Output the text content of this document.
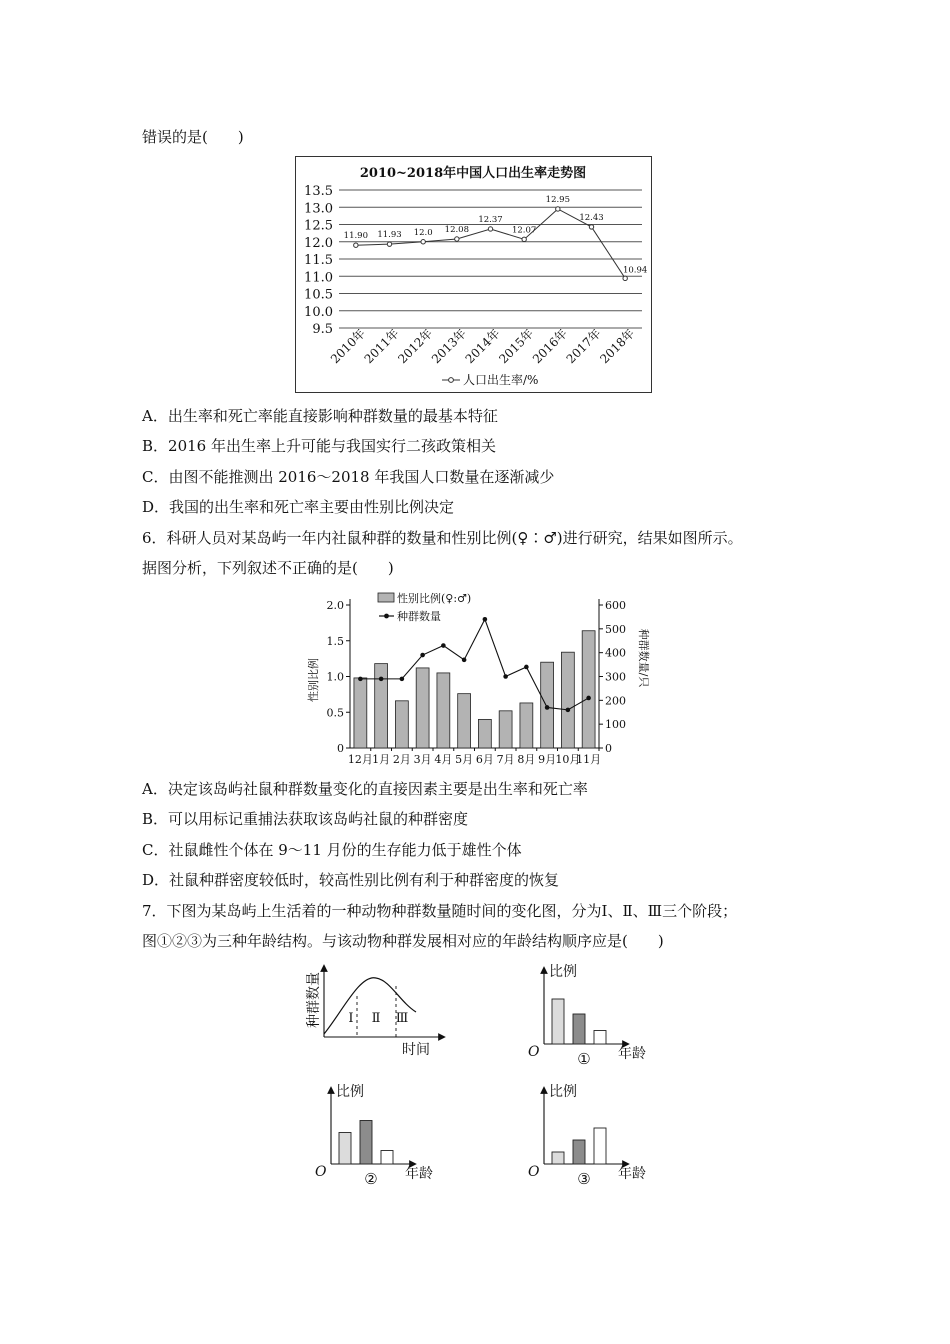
错误的是(　　)
2010~2018年中国人口出生率走势图
13.5
13.0
12.5
12.0
11.5
11.0
10.5
10.0
9.5
11.90 11.93 12.0 12.08
12.37
12.07
12.95
12.43
10.94
2010年
2011年
2012年
2013年
2014年
2015年
2016年
2017年
2018年
人口出生率/%
A．出生率和死亡率能直接影响种群数量的最基本特征
B．2016 年出生率上升可能与我国实行二孩政策相关
C．由图不能推测出 2016～2018 年我国人口数量在逐渐减少
D．我国的出生率和死亡率主要由性别比例决定
6．科研人员对某岛屿一年内社鼠种群的数量和性别比例(♀∶♂)进行研究，结果如图所示。
据图分析，下列叙述不正确的是(　　)
12月 1月 2月 3月 4月 5月 6月 7月 8月 9月 10月
11月
0
0.5
1.0
1.5
2.0
0
100
200
300
400
500
600
性别比例(♀:♂)
种群数量
性别比例	种群数量/只
A．决定该岛屿社鼠种群数量变化的直接因素主要是出生率和死亡率
B．可以用标记重捕法获取该岛屿社鼠的种群密度
C．社鼠雌性个体在 9～11 月份的生存能力低于雄性个体
D．社鼠种群密度较低时，较高性别比例有利于种群密度的恢复
7．下图为某岛屿上生活着的一种动物种群数量随时间的变化图，分为Ⅰ、Ⅱ、Ⅲ三个阶段；
图①②③为三种年龄结构。与该动物种群发展相对应的年龄结构顺序应是(　　)
种群数量
时间
Ⅰ Ⅱ Ⅲ
比例
O	年龄
①
比例
O	年龄
②
比例
O	年龄
③
